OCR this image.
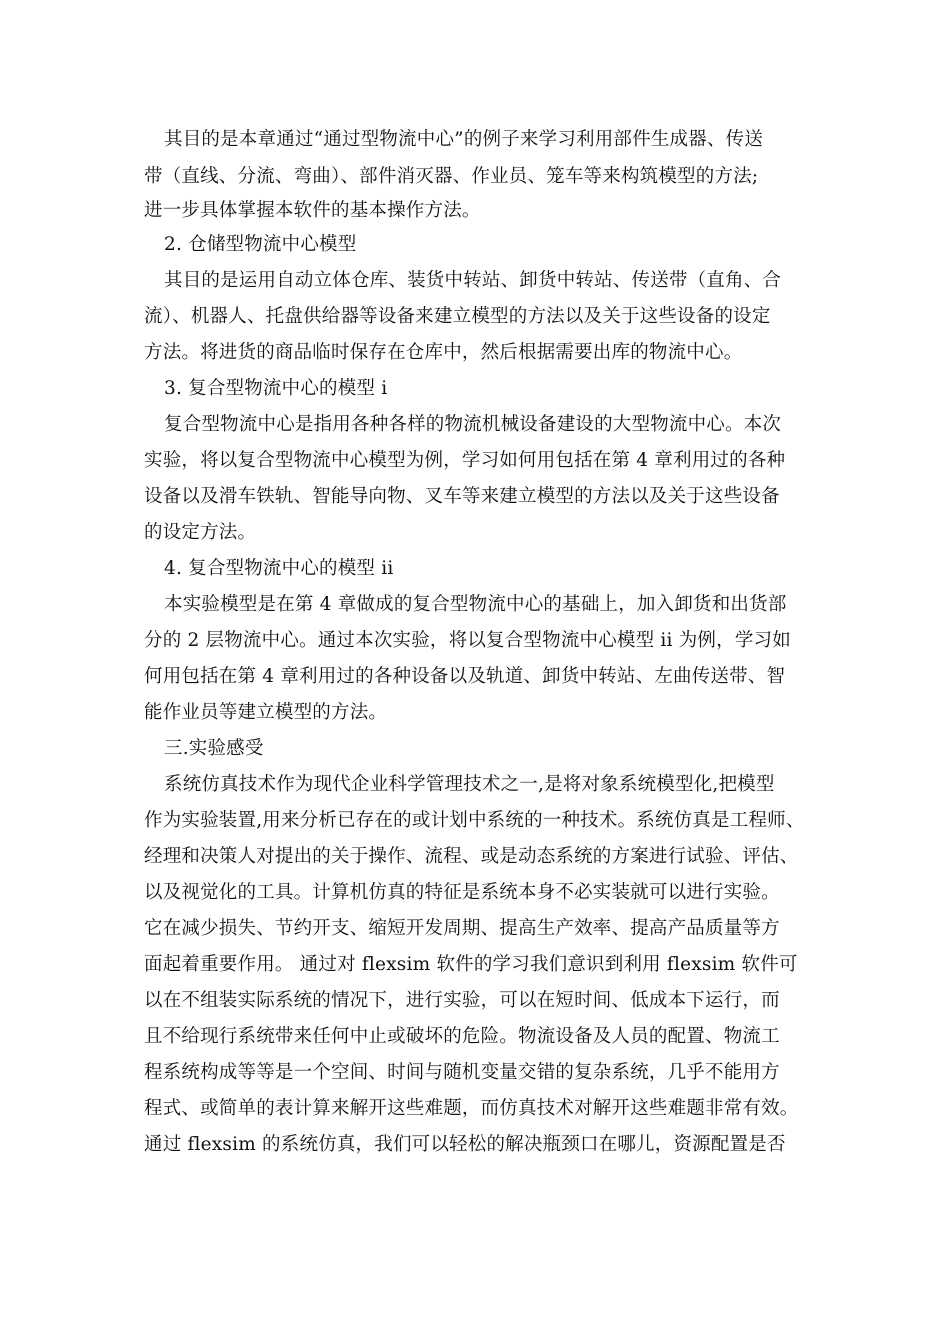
其目的是本章通过“通过型物流中心”的例子来学习利用部件生成器、传送
带（直线、分流、弯曲）、部件消灭器、作业员、笼车等来构筑模型的方法;
进一步具体掌握本软件的基本操作方法。
2. 仓储型物流中心模型
其目的是运用自动立体仓库、装货中转站、卸货中转站、传送带（直角、合
流）、机器人、托盘供给器等设备来建立模型的方法以及关于这些设备的设定
方法。将进货的商品临时保存在仓库中，然后根据需要出库的物流中心。
3. 复合型物流中心的模型 i
复合型物流中心是指用各种各样的物流机械设备建设的大型物流中心。本次
实验，将以复合型物流中心模型为例，学习如何用包括在第 4 章利用过的各种
设备以及滑车铁轨、智能导向物、叉车等来建立模型的方法以及关于这些设备
的设定方法。
4. 复合型物流中心的模型 ii
本实验模型是在第 4 章做成的复合型物流中心的基础上，加入卸货和出货部
分的 2 层物流中心。通过本次实验，将以复合型物流中心模型 ii 为例，学习如
何用包括在第 4 章利用过的各种设备以及轨道、卸货中转站、左曲传送带、智
能作业员等建立模型的方法。
三.实验感受
系统仿真技术作为现代企业科学管理技术之一,是将对象系统模型化,把模型
作为实验装置,用来分析已存在的或计划中系统的一种技术。系统仿真是工程师、
经理和决策人对提出的关于操作、流程、或是动态系统的方案进行试验、评估、
以及视觉化的工具。计算机仿真的特征是系统本身不必实装就可以进行实验。
它在减少损失、节约开支、缩短开发周期、提高生产效率、提高产品质量等方
面起着重要作用。 通过对 flexsim 软件的学习我们意识到利用 flexsim 软件可
以在不组装实际系统的情况下，进行实验，可以在短时间、低成本下运行，而
且不给现行系统带来任何中止或破坏的危险。物流设备及人员的配置、物流工
程系统构成等等是一个空间、时间与随机变量交错的复杂系统，几乎不能用方
程式、或简单的表计算来解开这些难题，而仿真技术对解开这些难题非常有效。
通过 flexsim 的系统仿真，我们可以轻松的解决瓶颈口在哪儿，资源配置是否
